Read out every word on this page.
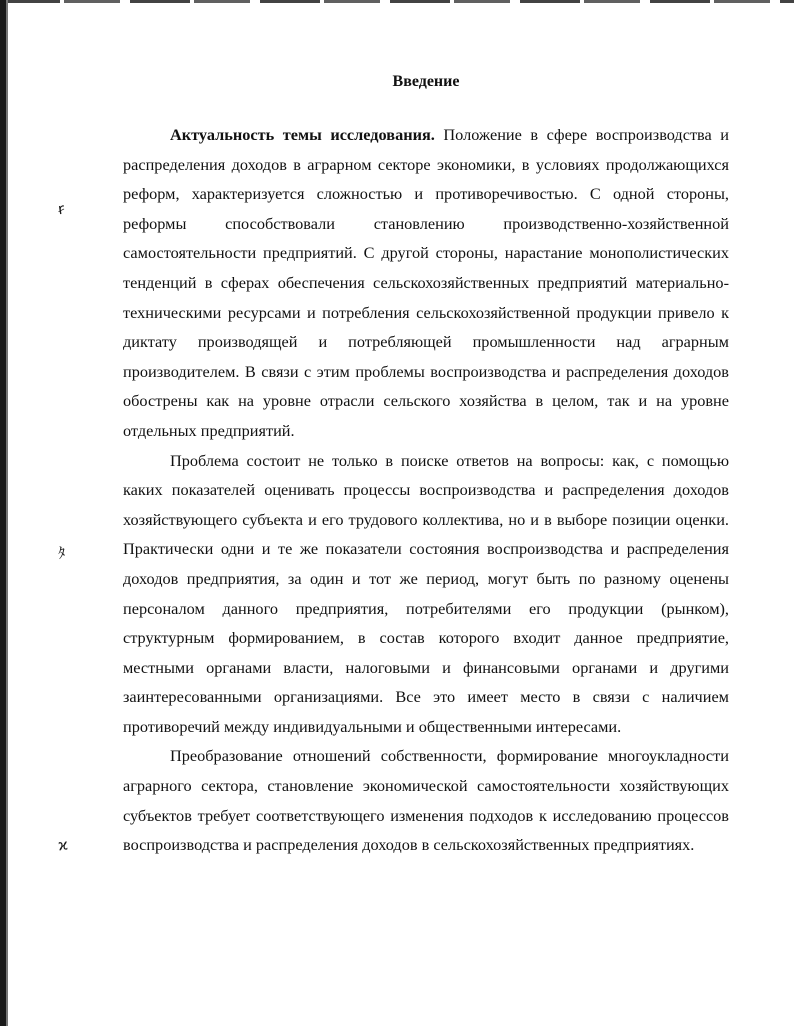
ꞧ
ﾀ
ϰ
Введение

Актуальность темы исследования. Положение в сфере воспроизводства и распределения доходов в аграрном секторе экономики, в условиях продолжающихся реформ, характеризуется сложностью и противоречивостью. С одной стороны, реформы способствовали становлению производственно-хозяйственной самостоятельности предприятий. С другой стороны, нарастание монополистических тенденций в сферах обеспечения сельскохозяйственных предприятий материально-техническими ресурсами и потребления сельскохозяйственной продукции привело к диктату производящей и потребляющей промышленности над аграрным производителем. В связи с этим проблемы воспроизводства и распределения доходов обострены как на уровне отрасли сельского хозяйства в целом, так и на уровне отдельных предприятий.

Проблема состоит не только в поиске ответов на вопросы: как, с помощью каких показателей оценивать процессы воспроизводства и распределения доходов хозяйствующего субъекта и его трудового коллектива, но и в выборе позиции оценки. Практически одни и те же показатели состояния воспроизводства и распределения доходов предприятия, за один и тот же период, могут быть по разному оценены персоналом данного предприятия, потребителями его продукции (рынком), структурным формированием, в состав которого входит данное предприятие, местными органами власти, налоговыми и финансовыми органами и другими заинтересованными организациями. Все это имеет место в связи с наличием противоречий между индивидуальными и общественными интересами.

Преобразование отношений собственности, формирование многоукладности аграрного сектора, становление экономической самостоятельности хозяйствующих субъектов требует соответствующего изменения подходов к исследованию процессов воспроизводства и распределения доходов в сельскохозяйственных предприятиях.
